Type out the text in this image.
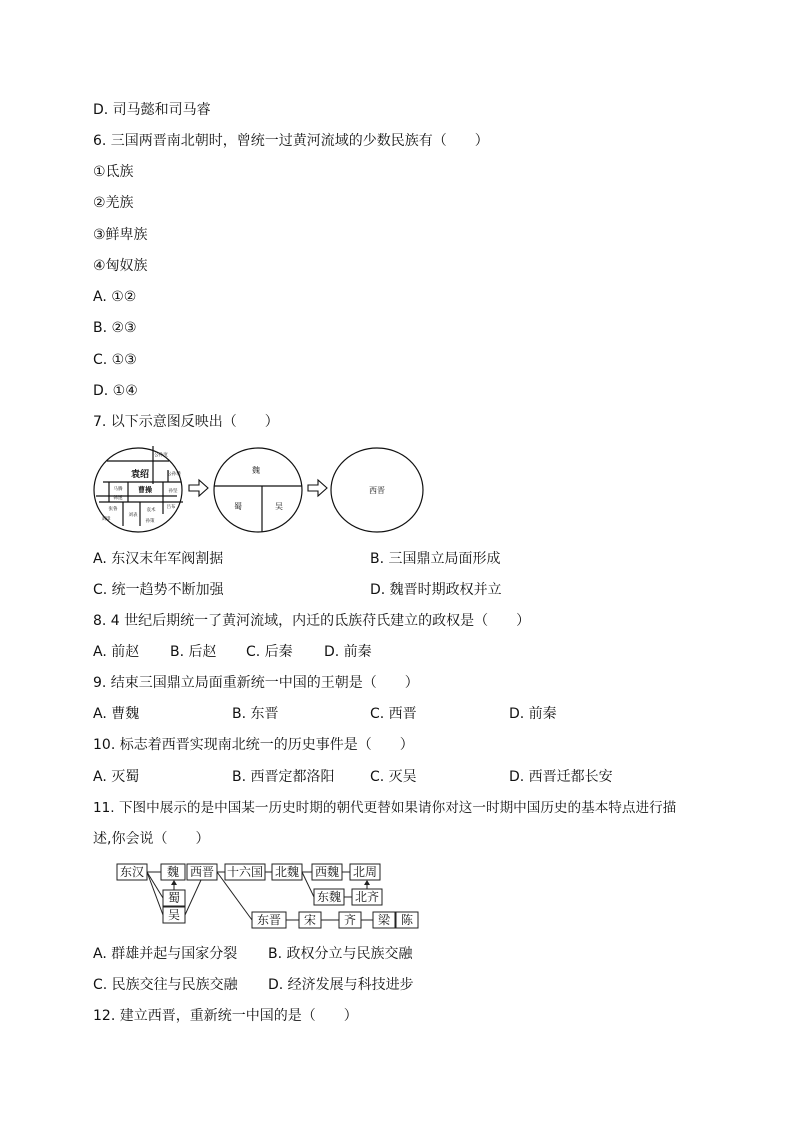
D. 司马懿和司马睿
6. 三国两晋南北朝时，曾统一过黄河流域的少数民族有（　　）
①氐族
②羌族
③鲜卑族
④匈奴族
A. ①②
B. ②③
C. ①③
D. ①④
7. 以下示意图反映出（　　）
袁绍
公孙度
公孙瓒
马腾 曹操
韩遂
张鲁
刘璋
孙坚
刘表
吕布
袁术
孙策
魏
蜀	吴
西晋
A. 东汉末年军阀割据	B. 三国鼎立局面形成
C. 统一趋势不断加强	D. 魏晋时期政权并立
8. 4 世纪后期统一了黄河流域，内迁的氐族苻氏建立的政权是（　　）
A. 前赵 B. 后赵 C. 后秦 D. 前秦
9. 结束三国鼎立局面重新统一中国的王朝是（　　）
A. 曹魏	B. 东晋	C. 西晋	D. 前秦
10. 标志着西晋实现南北统一的历史事件是（　　）
A. 灭蜀	B. 西晋定都洛阳	C. 灭吴	D. 西晋迁都长安
11. 下图中展示的是中国某一历史时期的朝代更替如果请你对这一时期中国历史的基本特点进行描
述,你会说（　　）
东汉 魏 西晋 十六国 北魏 西魏 北周
蜀
吴
东魏 北齐
东晋 宋 齐 梁 陈
A. 群雄并起与国家分裂 B. 政权分立与民族交融
C. 民族交往与民族交融 D. 经济发展与科技进步
12. 建立西晋，重新统一中国的是（　　）
